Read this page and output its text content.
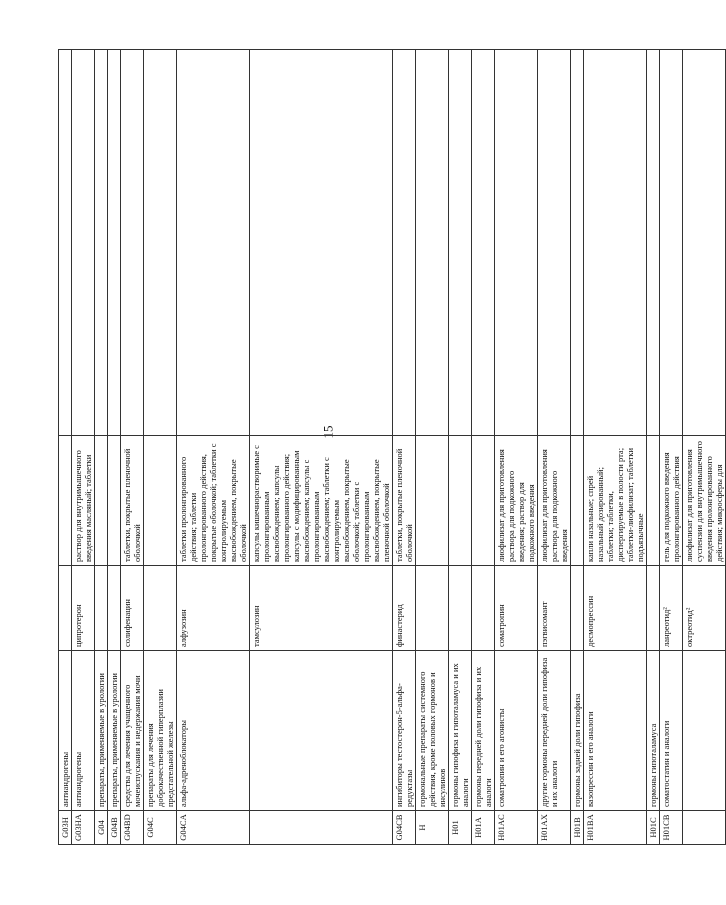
15
G03H	антиандрогены			
G03HA	антиандрогены	ципротерон	раствор для внутримышечного введения масляный; таблетки	
G04	препараты, применяемые в урологии			
G04B	препараты, применяемые в урологии			
G04BD	средства для лечения учащенного мочеиспускания и недержания мочи	солифенацин	таблетки, покрытые пленочной оболочкой	
G04C	препараты для лечения доброкачественной гиперплазии предстательной железы			
G04CA	альфа-адреноблокаторы	алфузозин	таблетки пролонгированного действия; таблетки пролонгированного действия, покрытые оболочкой; таблетки с контролируемым высвобождением, покрытые оболочкой	
		тамсулозин	капсулы кишечнорастворимые с пролонгированным высвобождением; капсулы пролонгированного действия; капсулы с модифицированным высвобождением; капсулы с пролонгированным высвобождением; таблетки с контролируемым высвобождением, покрытые оболочкой; таблетки с пролонгированным высвобождением, покрытые пленочной оболочкой	
G04CB	ингибиторы тестостерон-5-альфа-редуктазы	финастерид	таблетки, покрытые пленочной оболочкой	
H	гормональные препараты системного действия, кроме половых гормонов и инсулинов			
H01	гормоны гипофиза и гипоталамуса и их аналоги			
H01A	гормоны передней доли гипофиза и их аналоги			
H01AC	соматропин и его агонисты	соматропин	лиофилизат для приготовления раствора для подкожного введения; раствор для подкожного введения	
H01AX	другие гормоны передней доли гипофиза и их аналоги	пэгвисомант	лиофилизат для приготовления раствора для подкожного введения	
H01B	гормоны задней доли гипофиза			
H01BA	вазопрессин и его аналоги	десмопрессин	капли назальные; спрей назальный дозированный; таблетки; таблетки, диспергируемые в полости рта; таблетки-лиофилизат; таблетки подъязычные	
H01C	гормоны гипоталамуса			
H01CB	соматостатин и аналоги	ланреотид²	гель для подкожного введения пролонгированного действия	
		октреотид²	лиофилизат для приготовления суспензии для внутримышечного введения пролонгированного действия; микросферы для	
